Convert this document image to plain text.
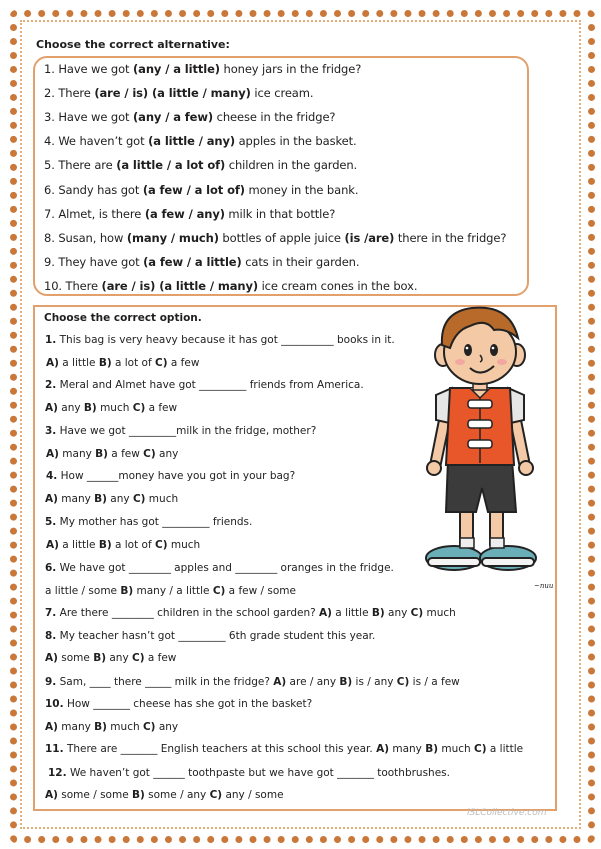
Choose the correct alternative:
1. Have we got (any / a little) honey jars in the fridge?
2. There (are / is) (a little / many) ice cream.
3. Have we got (any / a few) cheese in the fridge?
4. We haven’t got (a little / any) apples in the basket.
5. There are (a little / a lot of) children in the garden.
6. Sandy has got (a few / a lot of) money in the bank.
7. Almet, is there (a few / any) milk in that bottle?
8. Susan, how (many / much) bottles of apple juice (is /are) there in the fridge?
9. They have got (a few / a little) cats in their garden.
10. There (are / is) (a little / many) ice cream cones in the box.
Choose the correct option.
1. This bag is very heavy because it has got __________ books in it.
A) a little B) a lot of C) a few
2. Meral and Almet have got _________ friends from America.
A) any B) much C) a few
3. Have we got _________milk in the fridge, mother?
A) many B) a few C) any
4. How ______money have you got in your bag?
A) many B) any C) much
5. My mother has got _________ friends.
A) a little B) a lot of C) much
6. We have got ________ apples and ________ oranges in the fridge.
a little / some B) many / a little C) a few / some
7. Are there ________ children in the school garden? A) a little B) any C) much
8. My teacher hasn’t got _________ 6th grade student this year.
A) some B) any C) a few
9. Sam, ____ there _____ milk in the fridge? A) are / any B) is / any C) is / a few
10. How _______ cheese has she got in the basket?
A) many B) much C) any
11. There are _______ English teachers at this school this year. A) many B) much C) a little
12. We haven’t got ______ toothpaste but we have got _______ toothbrushes.
A) some / some B) some / any C) any / some
~nuu
iSLCollective.com
